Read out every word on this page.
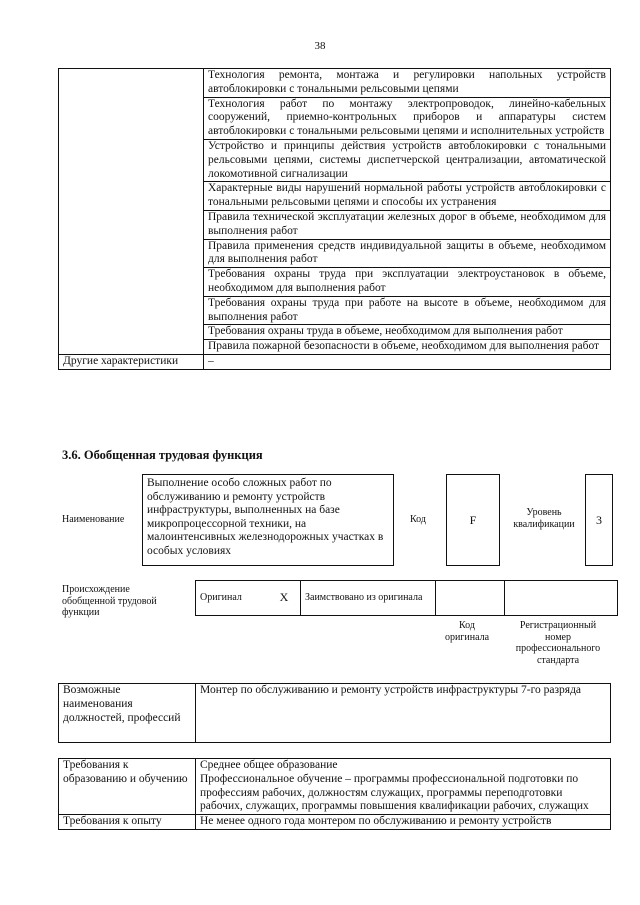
38
	Технология ремонта, монтажа и регулировки напольных устройств автоблокировки с тональными рельсовыми цепями
	Технология работ по монтажу электропроводок, линейно-кабельных сооружений, приемно-контрольных приборов и аппаратуры систем автоблокировки с тональными рельсовыми цепями и исполнительных устройств
	Устройство и принципы действия устройств автоблокировки с тональными рельсовыми цепями, системы диспетчерской централизации, автоматической локомотивной сигнализации
	Характерные виды нарушений нормальной работы устройств автоблокировки с тональными рельсовыми цепями и способы их устранения
	Правила технической эксплуатации железных дорог в объеме, необходимом для выполнения работ
	Правила применения средств индивидуальной защиты в объеме, необходимом для выполнения работ
	Требования охраны труда при эксплуатации электроустановок в объеме, необходимом для выполнения работ
	Требования охраны труда при работе на высоте в объеме, необходимом для выполнения работ
	Требования охраны труда в объеме, необходимом для выполнения работ
	Правила пожарной безопасности в объеме, необходимом для выполнения работ
Другие характеристики	–
3.6. Обобщенная трудовая функция
Наименование
Выполнение особо сложных работ по обслуживанию и ремонту устройств инфраструктуры, выполненных на базе микропроцессорной техники, на малоинтенсивных железнодорожных участках в особых условиях
Код	F
Уровень квалификации	3
Происхождение обобщенной трудовой функции
Оригинал	X	Заимствовано из оригинала		
Код оригинала
Регистрационный номер профессионального стандарта
Возможные наименования должностей, профессий	Монтер по обслуживанию и ремонту устройств инфраструктуры 7-го разряда
Требования к образованию и обучению	Среднее общее образование
Профессиональное обучение – программы профессиональной подготовки по профессиям рабочих, должностям служащих, программы переподготовки рабочих, служащих, программы повышения квалификации рабочих, служащих

Требования к опыту	Не менее одного года монтером по обслуживанию и ремонту устройств
